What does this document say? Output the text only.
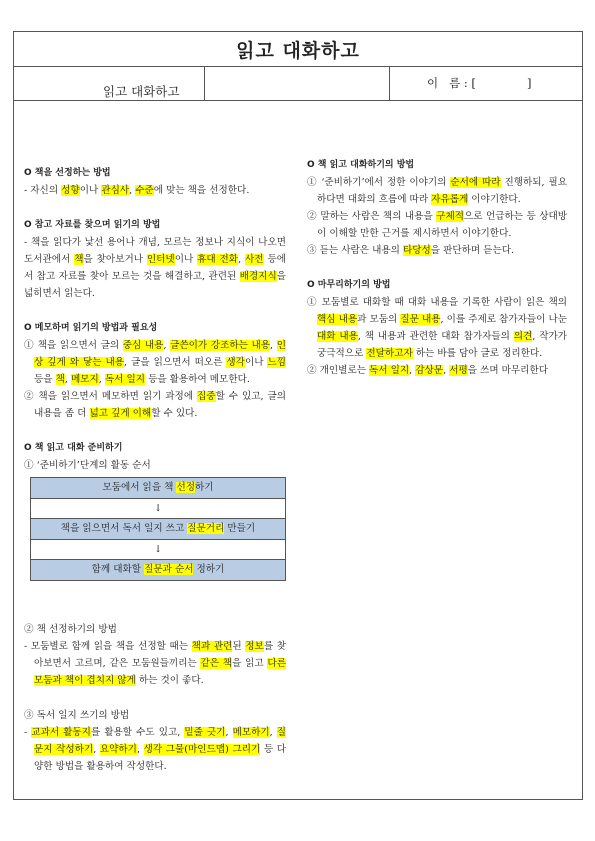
읽고 대화하고
이   름 : [              ]
읽고 대화하고

O 책을 선정하는 방법

- 자신의 성향이나 관심사, 수준에 맞는 책을 선정한다.

O 참고 자료를 찾으며 읽기의 방법

- 책을 읽다가 낯선 용어나 개념, 모르는 정보나 지식이 나오면 도서관에서 책을 찾아보거나 인터넷이나 휴대 전화, 사전 등에서 참고 자료를 찾아 모르는 것을 해결하고, 관련된 배경지식을 넓히면서 읽는다.

O 메모하며 읽기의 방법과 필요성

① 책을 읽으면서 글의 중심 내용, 글쓴이가 강조하는 내용, 인상 깊게 와 닿는 내용, 글을 읽으면서 떠오른 생각이나 느낌 등을 책, 메모지, 독서 일지 등을 활용하여 메모한다.

② 책을 읽으면서 메모하면 읽기 과정에 집중할 수 있고, 글의 내용을 좀 더 넓고 깊게 이해할 수 있다.

O 책 읽고 대화 준비하기

① ‘준비하기’단계의 활동 순서

모둠에서 읽을 책 선정하기
↓
책을 읽으면서 독서 일지 쓰고 질문거리 만들기
↓
함께 대화할 질문과 순서 정하기

② 책 선정하기의 방법

- 모둠별로 함께 읽을 책을 선정할 때는 책과 관련된 정보를 찾아보면서 고르며, 같은 모둠원들끼리는 같은 책을 읽고 다른 모둠과 책이 겹치지 않게 하는 것이 좋다.

③ 독서 일지 쓰기의 방법

- 교과서 활동지를 활용할 수도 있고, 밑줄 긋기, 메모하기, 질문지 작성하기, 요약하기, 생각 그물(마인드맵) 그리기 등 다양한 방법을 활용하여 작성한다.

O 책 읽고 대화하기의 방법

① ‘준비하기’에서 정한 이야기의 순서에 따라 진행하되, 필요하다면 대화의 흐름에 따라 자유롭게 이야기한다.

② 말하는 사람은 책의 내용을 구체적으로 언급하는 등 상대방이 이해할 만한 근거를 제시하면서 이야기한다.

③ 듣는 사람은 내용의 타당성을 판단하며 듣는다.

O 마무리하기의 방법

① 모둠별로 대화할 때 대화 내용을 기록한 사람이 읽은 책의 핵심 내용과 모둠의 질문 내용, 이를 주제로 참가자들이 나눈 대화 내용, 책 내용과 관련한 대화 참가자들의 의견, 작가가 궁극적으로 전달하고자 하는 바를 담아 글로 정리한다.

② 개인별로는 독서 일지, 감상문, 서평을 쓰며 마무리한다
